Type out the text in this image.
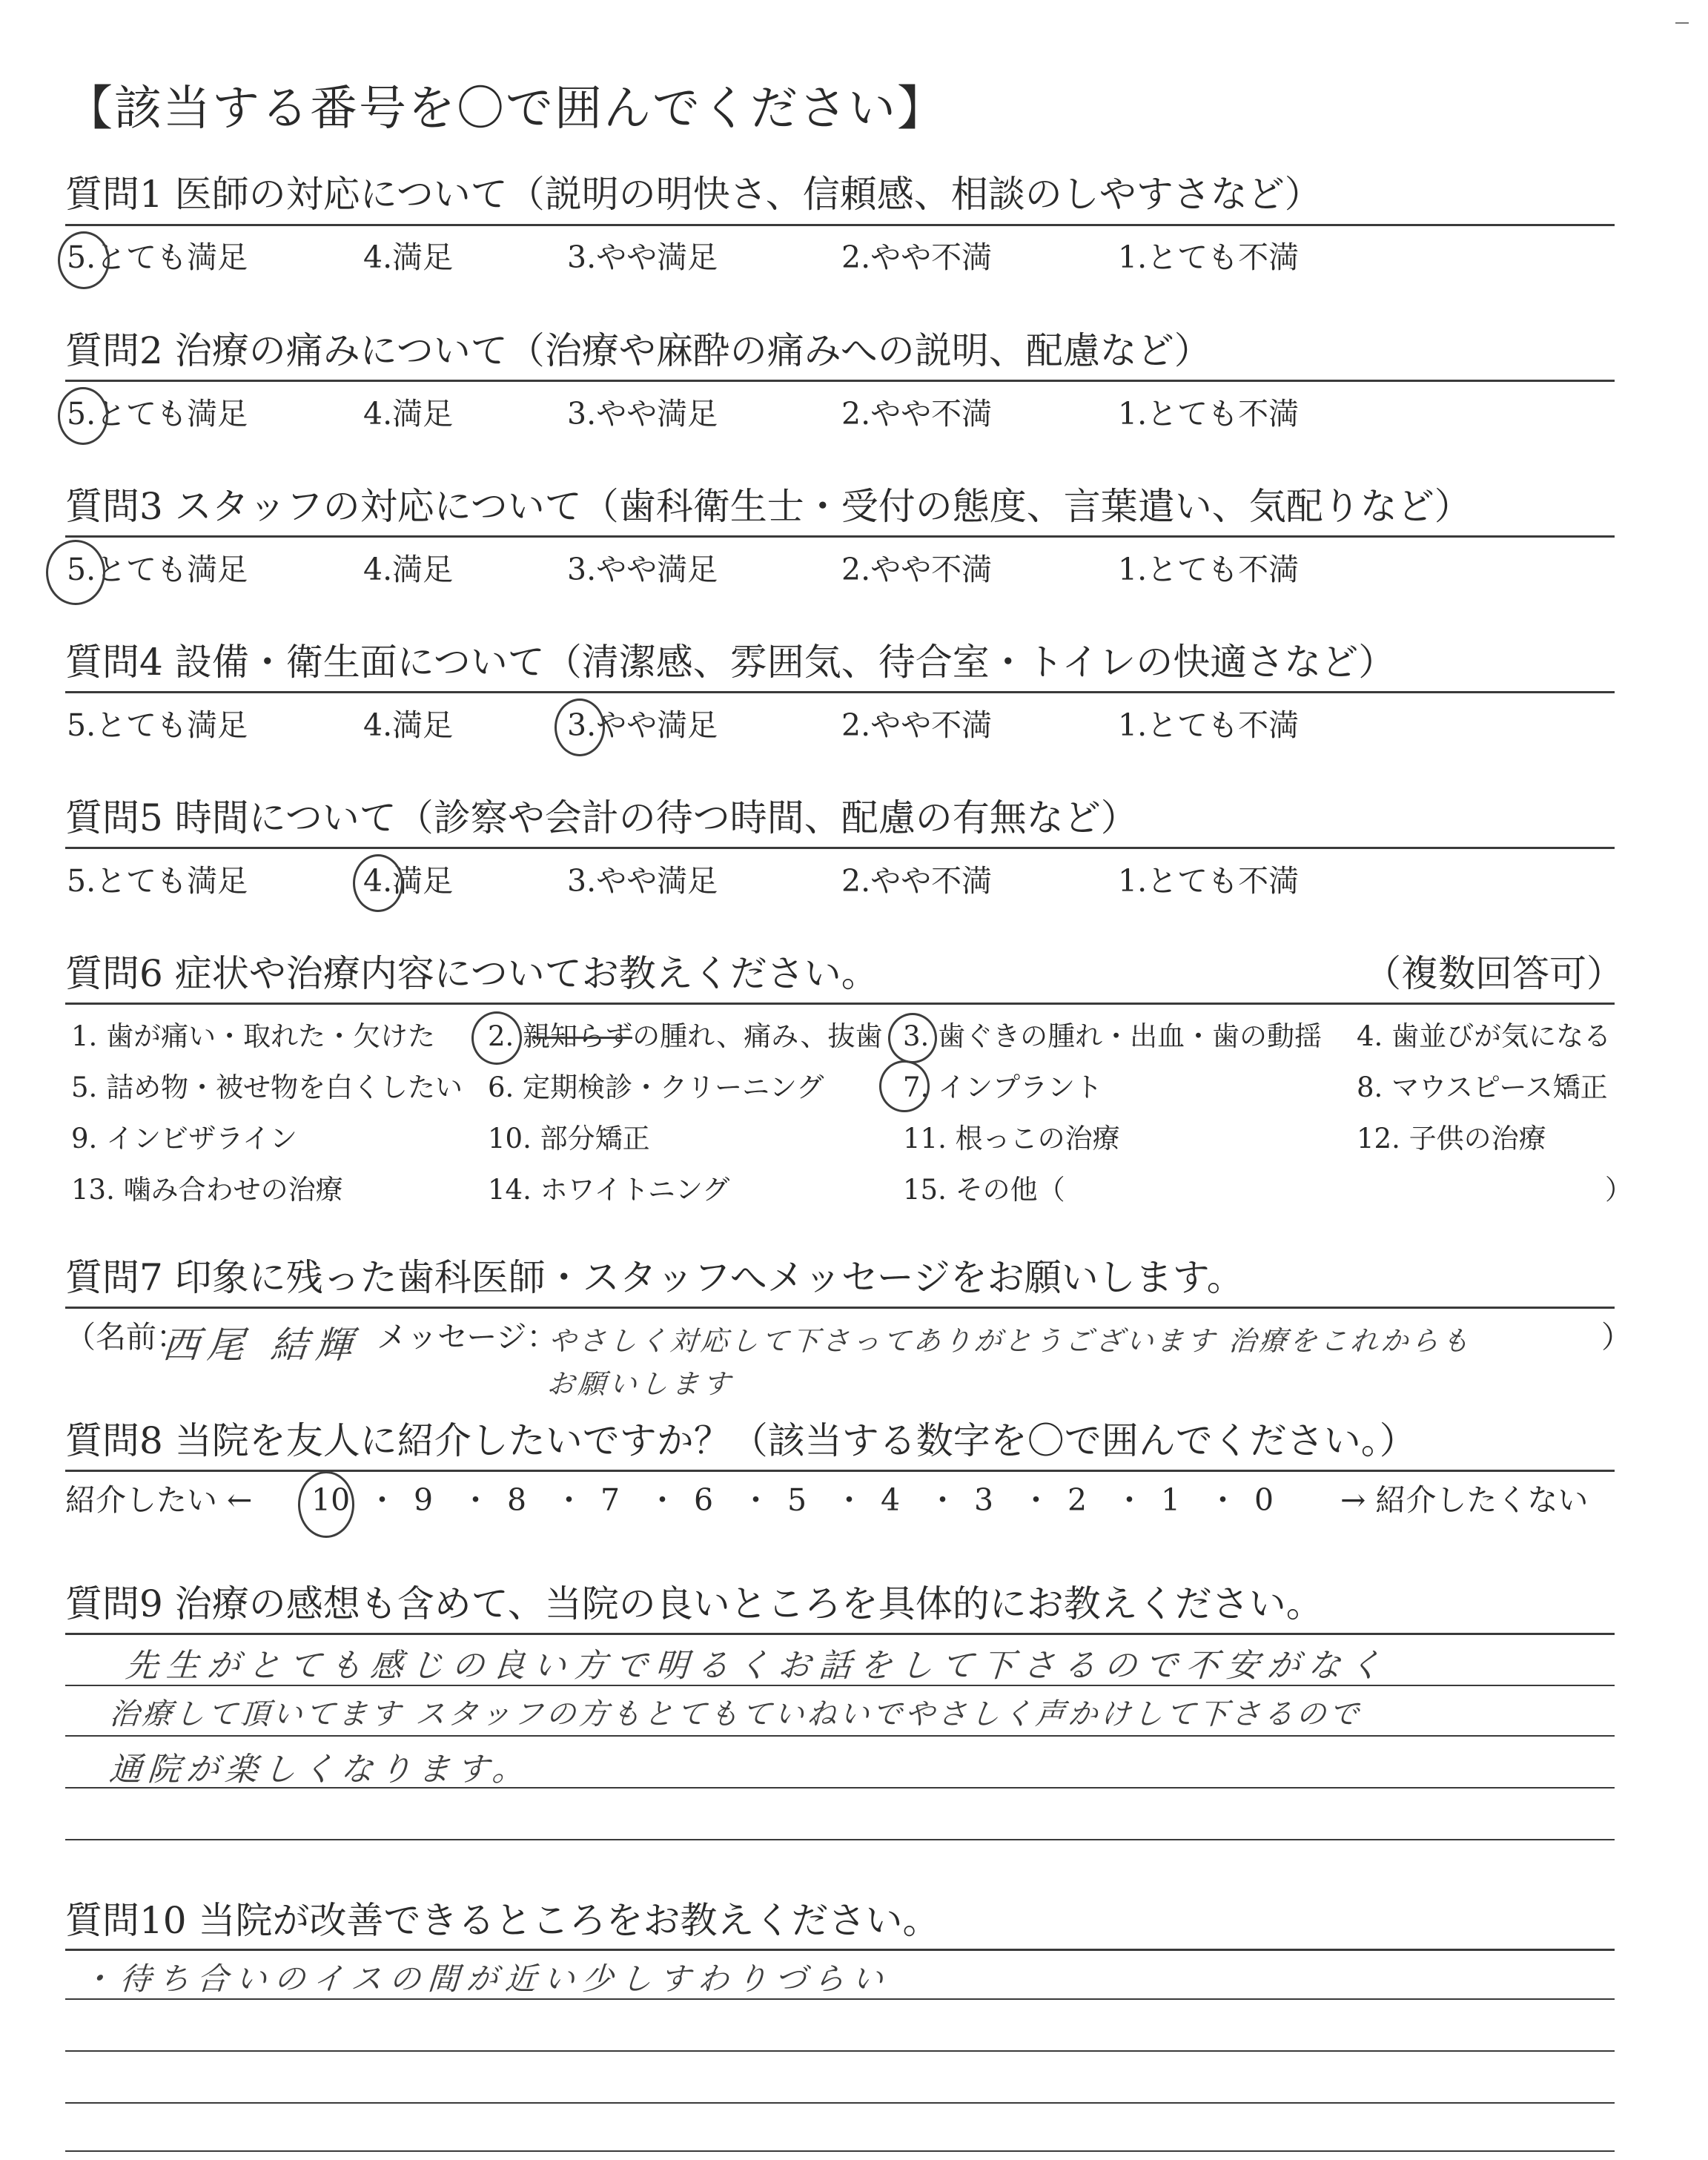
【該当する番号を〇で囲んでください】
質問1 医師の対応について（説明の明快さ、信頼感、相談のしやすさなど）
5.とても満足	4.満足	3.やや満足	2.やや不満	1.とても不満
質問2 治療の痛みについて（治療や麻酔の痛みへの説明、配慮など）
5.とても満足	4.満足	3.やや満足	2.やや不満	1.とても不満
質問3 スタッフの対応について（歯科衛生士・受付の態度、言葉遣い、気配りなど）
5.とても満足	4.満足	3.やや満足	2.やや不満	1.とても不満
質問4 設備・衛生面について（清潔感、雰囲気、待合室・トイレの快適さなど）
5.とても満足	4.満足	3.やや満足	2.やや不満	1.とても不満
質問5 時間について（診察や会計の待つ時間、配慮の有無など）
5.とても満足	4.満足	3.やや満足	2.やや不満	1.とても不満
質問6 症状や治療内容についてお教えください。	（複数回答可）
1. 歯が痛い・取れた・欠けた 2. 親知らずの腫れ、痛み、抜歯 3. 歯ぐきの腫れ・出血・歯の動揺 4. 歯並びが気になる
5. 詰め物・被せ物を白くしたい 6. 定期検診・クリーニング	7. インプラント	8. マウスピース矯正
9. インビザライン	10. 部分矯正	11. 根っこの治療	12. 子供の治療
13. 噛み合わせの治療	14. ホワイトニング	15. その他（	）
質問7 印象に残った歯科医師・スタッフへメッセージをお願いします。
（名前：
西尾 結輝 メッセージ：
やさしく対応して下さってありがとうございます 治療をこれからも	）
お願いします
質問8 当院を友人に紹介したいですか？（該当する数字を〇で囲んでください。）
紹介したい ← 10 ・ 9 ・ 8 ・ 7 ・ 6 ・ 5 ・ 4 ・ 3 ・ 2 ・ 1 ・ 0 → 紹介したくない
質問9 治療の感想も含めて、当院の良いところを具体的にお教えください。
先生がとても感じの良い方で明るくお話をして下さるので不安がなく
治療して頂いてます スタッフの方もとてもていねいでやさしく声かけして下さるので
通院が楽しくなります。
質問10 当院が改善できるところをお教えください。
・待ち合いのイスの間が近い少しすわりづらい
